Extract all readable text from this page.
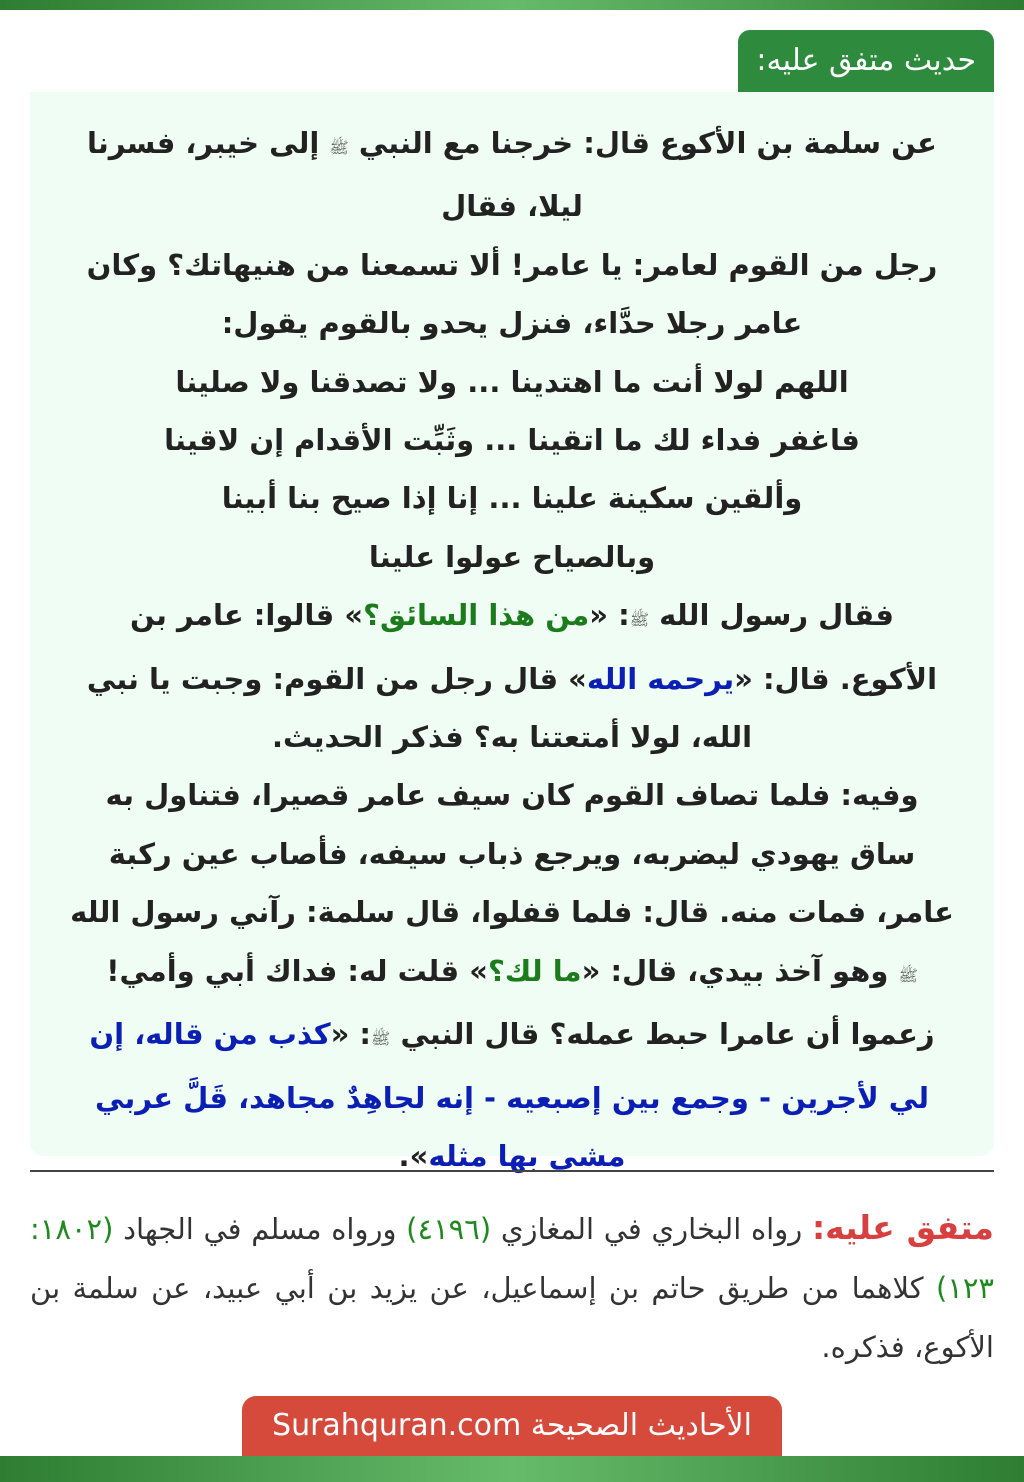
حديث متفق عليه:

عن سلمة بن الأكوع قال: خرجنا مع النبي ﷺ إلى خيبر، فسرنا
ليلا، فقال
رجل من القوم لعامر: يا عامر! ألا تسمعنا من هنيهاتك؟ وكان
عامر رجلا حدَّاء، فنزل يحدو بالقوم يقول:
اللهم لولا أنت ما اهتدينا ... ولا تصدقنا ولا صلينا
فاغفر فداء لك ما اتقينا ... وثَبِّت الأقدام إن لاقينا
وألقين سكينة علينا ... إنا إذا صيح بنا أبينا
وبالصياح عولوا علينا
فقال رسول الله ﷺ: «من هذا السائق؟» قالوا: عامر بن
الأكوع. قال: «يرحمه الله» قال رجل من القوم: وجبت يا نبي
الله، لولا أمتعتنا به؟ فذكر الحديث.
وفيه: فلما تصاف القوم كان سيف عامر قصيرا، فتناول به
ساق يهودي ليضربه، ويرجع ذباب سيفه، فأصاب عين ركبة
عامر، فمات منه. قال: فلما قفلوا، قال سلمة: رآني رسول الله
ﷺ وهو آخذ بيدي، قال: «ما لك؟» قلت له: فداك أبي وأمي!
زعموا أن عامرا حبط عمله؟ قال النبي ﷺ: «كذب من قاله، إن
لي لأجرين - وجمع بين إصبعيه - إنه لجاهِدٌ مجاهد، قَلَّ عربي
مشى بها مثله».

متفق عليه: رواه البخاري في المغازي (٤١٩٦) ورواه مسلم في الجهاد (١٨٠٢: ١٢٣) كلاهما من طريق حاتم بن إسماعيل، عن يزيد بن أبي عبيد، عن سلمة بن الأكوع، فذكره.

الأحاديث الصحيحة Surahquran.com
